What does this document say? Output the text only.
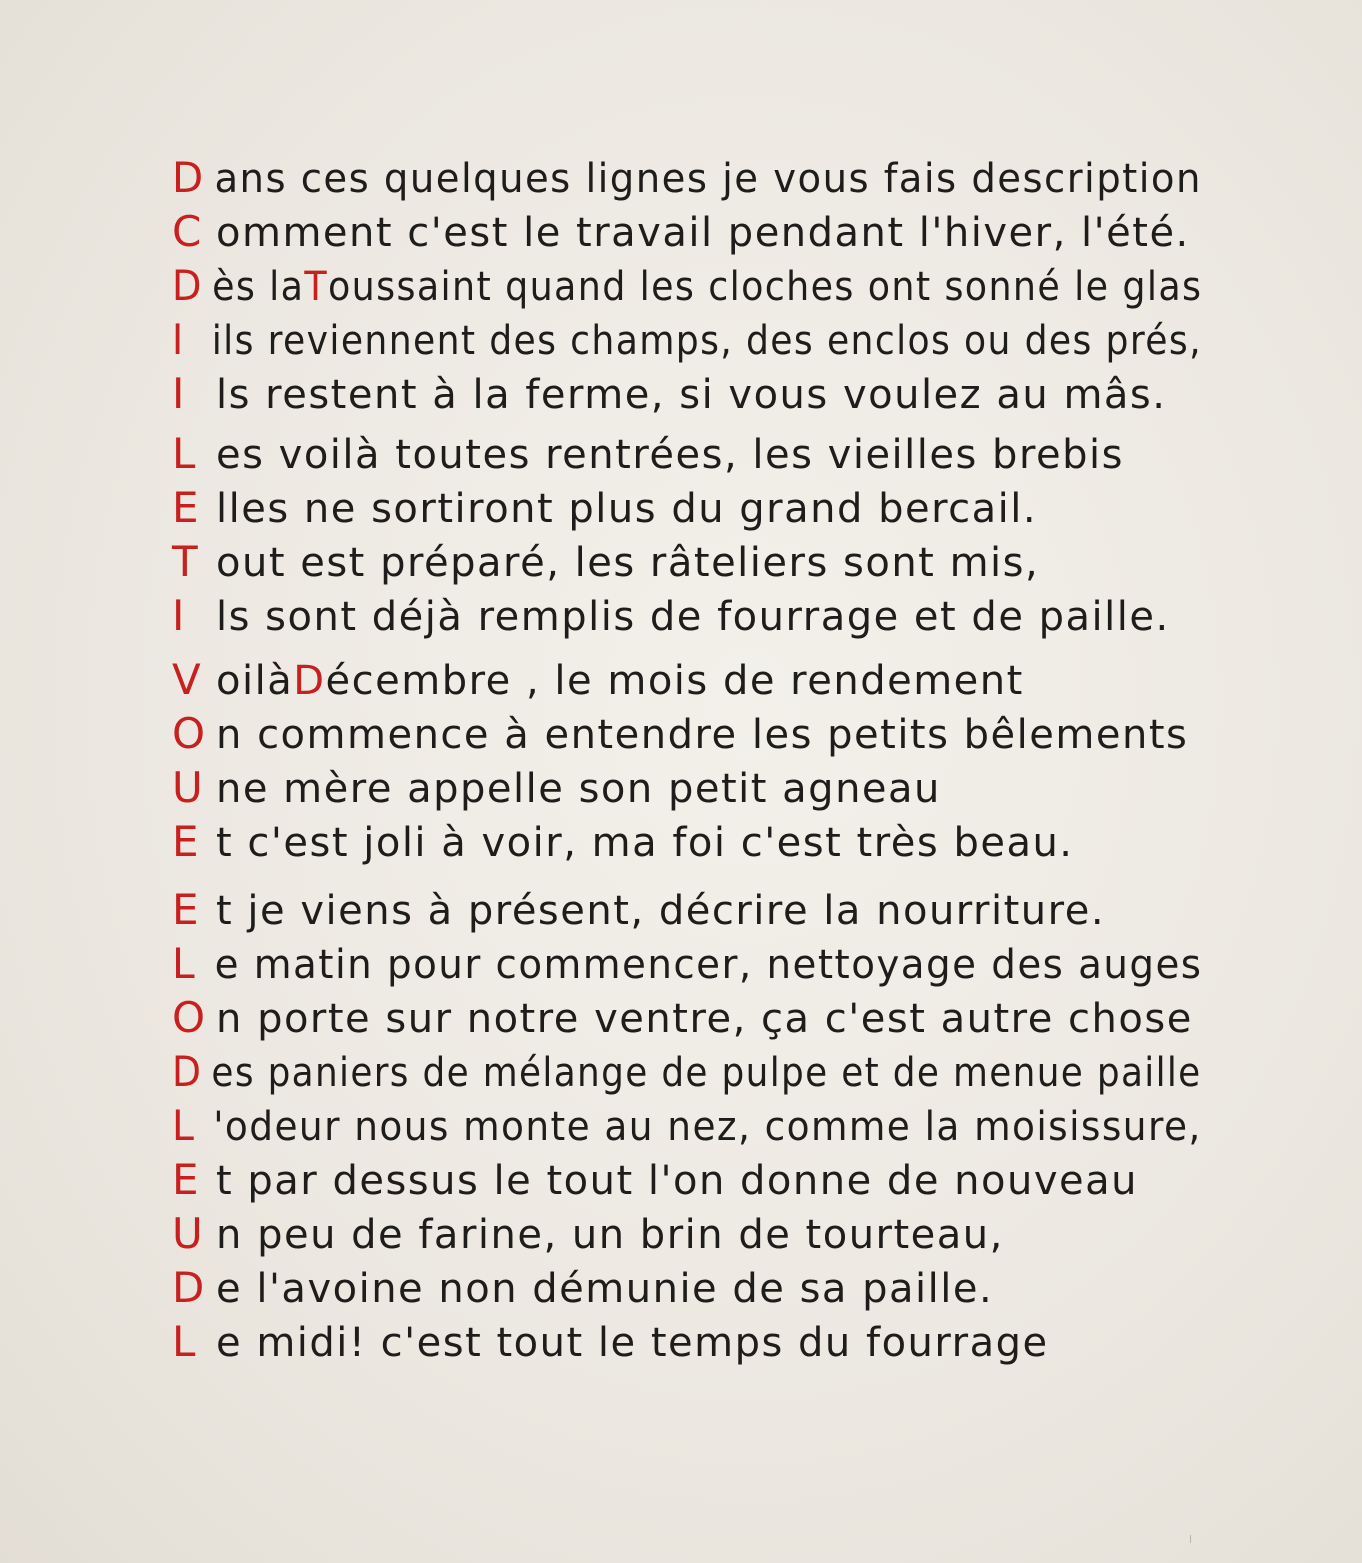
D ans ces quelques lignes je vous fais description
C omment c'est le travail pendant l'hiver, l'été.
D ès laToussaint quand les cloches ont sonné le glas
I ils reviennent des champs, des enclos ou des prés,
I ls restent à la ferme, si vous voulez au mâs.
L es voilà toutes rentrées, les vieilles brebis
E lles ne sortiront plus du grand bercail.
T out est préparé, les râteliers sont mis,
I ls sont déjà remplis de fourrage et de paille.
V oilàDécembre , le mois de rendement
O n commence à entendre les petits bêlements
U ne mère appelle son petit agneau
E t c'est joli à voir, ma foi c'est très beau.
E t je viens à présent, décrire la nourriture.
L e matin pour commencer, nettoyage des auges
O n porte sur notre ventre, ça c'est autre chose
D es paniers de mélange de pulpe et de menue paille
L 'odeur nous monte au nez, comme la moisissure,
E t par dessus le tout l'on donne de nouveau
U n peu de farine, un brin de tourteau,
D e l'avoine non démunie de sa paille.
L e midi! c'est tout le temps du fourrage
